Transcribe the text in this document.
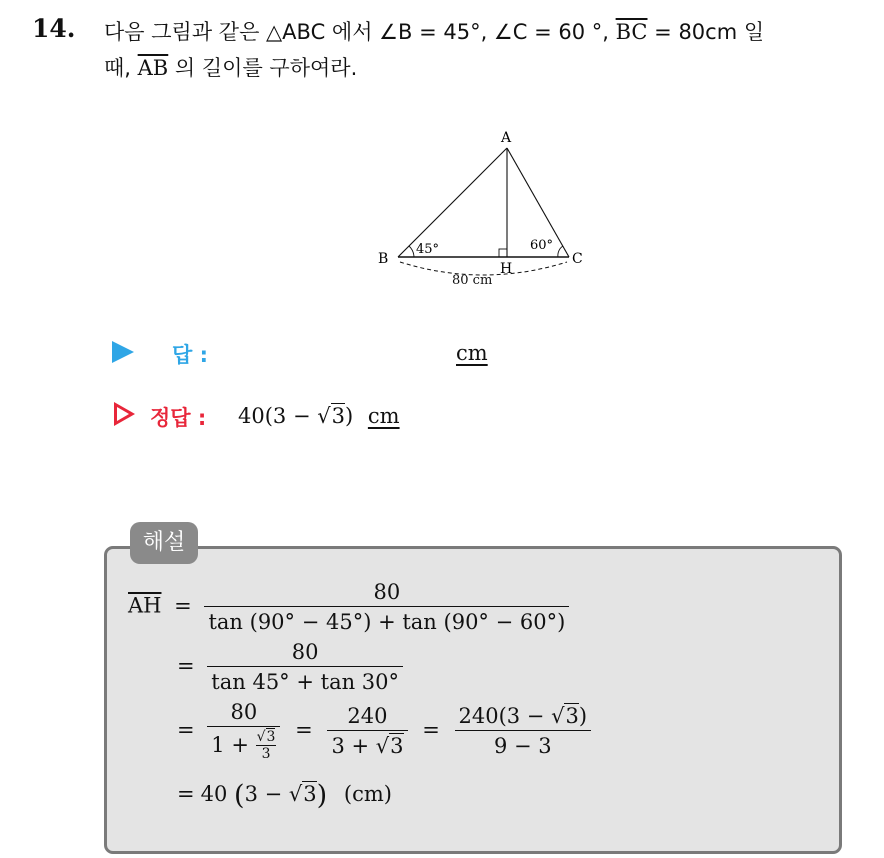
14. 다음 그림과 같은 △ABC 에서 ∠B = 45°, ∠C = 60 °, $\overline{BC} = 80cm$ 일
때, $\overline{AB}$ 의 길이를 구하여라.
A
B	C
H
45°	60°
80 cm
답 :	cm
정답 : 40(3 − √3) cm
해설
$\overline{AH} = \frac{80}{\tan (90^\circ - 45^\circ) + \tan (90^\circ - 60^\circ)}$
= $\frac{80}{\tan 45^\circ + \tan 30^\circ}$
= $\frac{80}{1 + \frac{√3}{3}} = \frac{240}{3 + √3} = \frac{240(3 - √3)}{9 - 3}$
= 40 (3 − √3) (cm)
